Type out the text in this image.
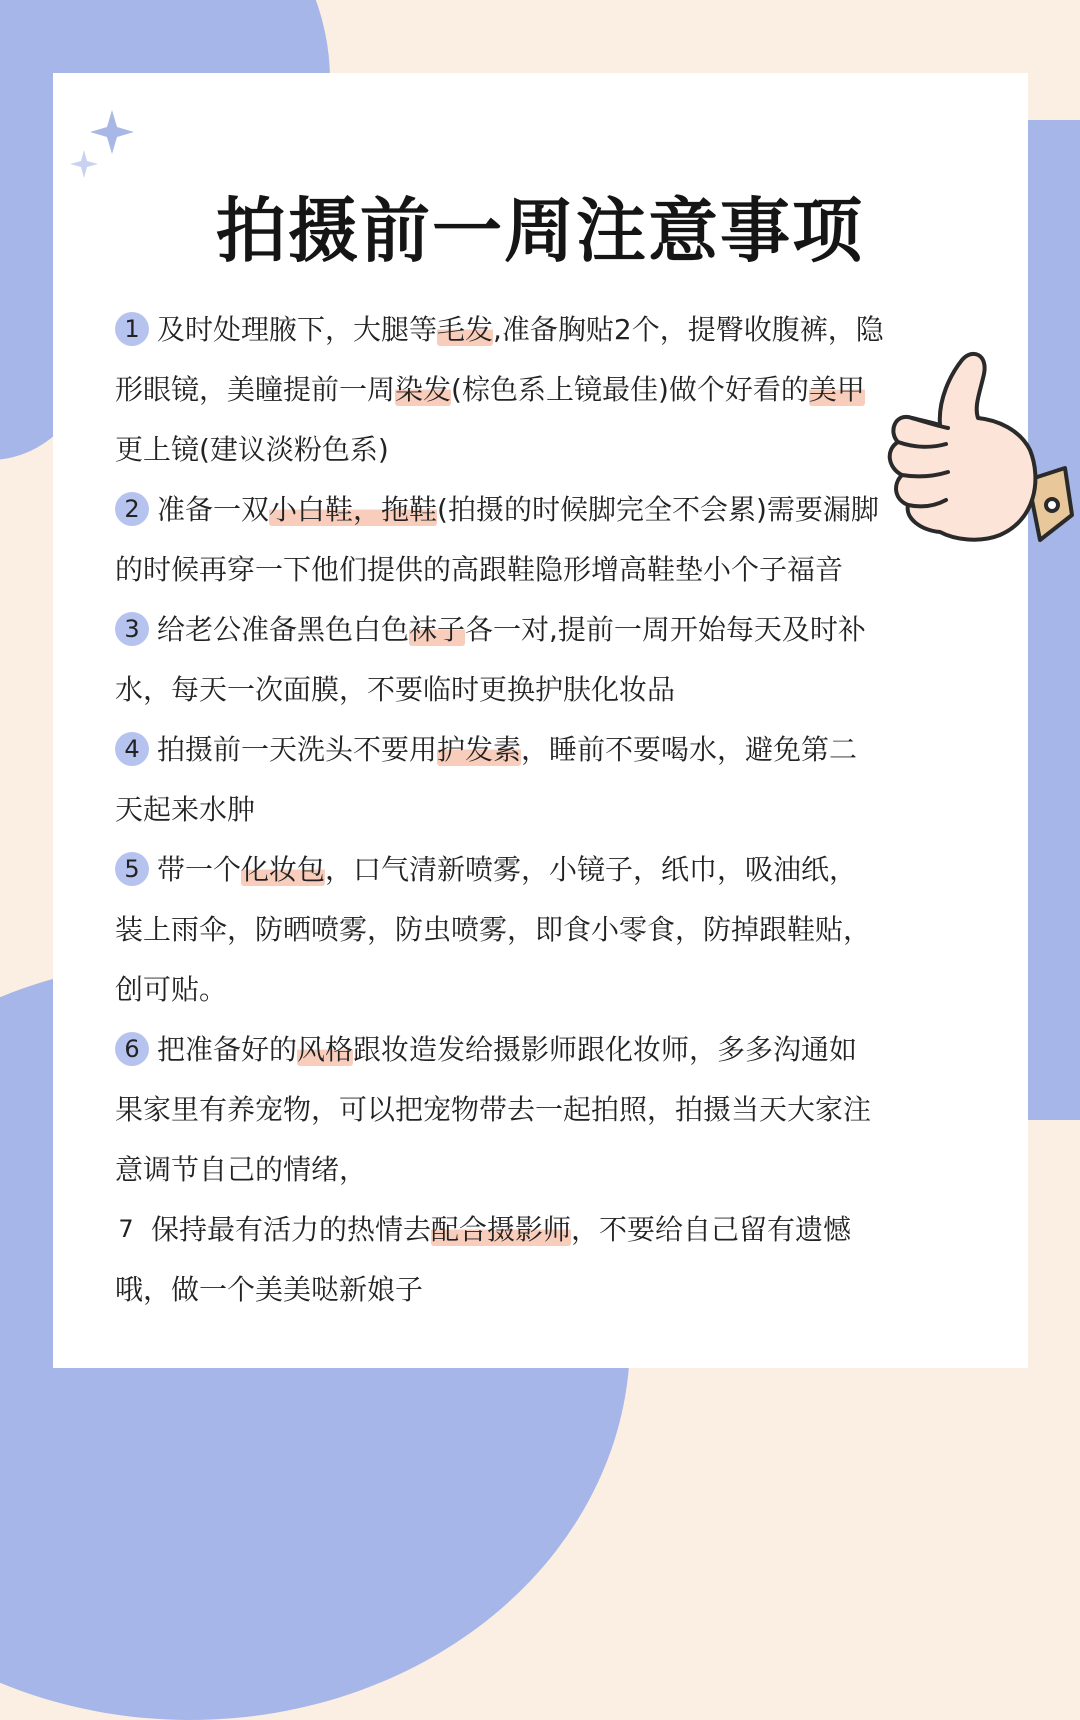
拍摄前一周注意事项
1 及时处理腋下，大腿等毛发,准备胸贴2个，提臀收腹裤，隐形眼镜，美瞳提前一周染发(棕色系上镜最佳)做个好看的美甲更上镜(建议淡粉色系)
2 准备一双小白鞋，拖鞋(拍摄的时候脚完全不会累)需要漏脚的时候再穿一下他们提供的高跟鞋隐形增高鞋垫小个子福音
3 给老公准备黑色白色袜子各一对,提前一周开始每天及时补水，每天一次面膜，不要临时更换护肤化妆品
4 拍摄前一天洗头不要用护发素，睡前不要喝水，避免第二天起来水肿
5 带一个化妆包，口气清新喷雾，小镜子，纸巾，吸油纸，装上雨伞，防晒喷雾，防虫喷雾，即食小零食，防掉跟鞋贴，创可贴。
6 把准备好的风格跟妆造发给摄影师跟化妆师，多多沟通如果家里有养宠物，可以把宠物带去一起拍照，拍摄当天大家注意调节自己的情绪，
7 保持最有活力的热情去配合摄影师，不要给自己留有遗憾哦，做一个美美哒新娘子
